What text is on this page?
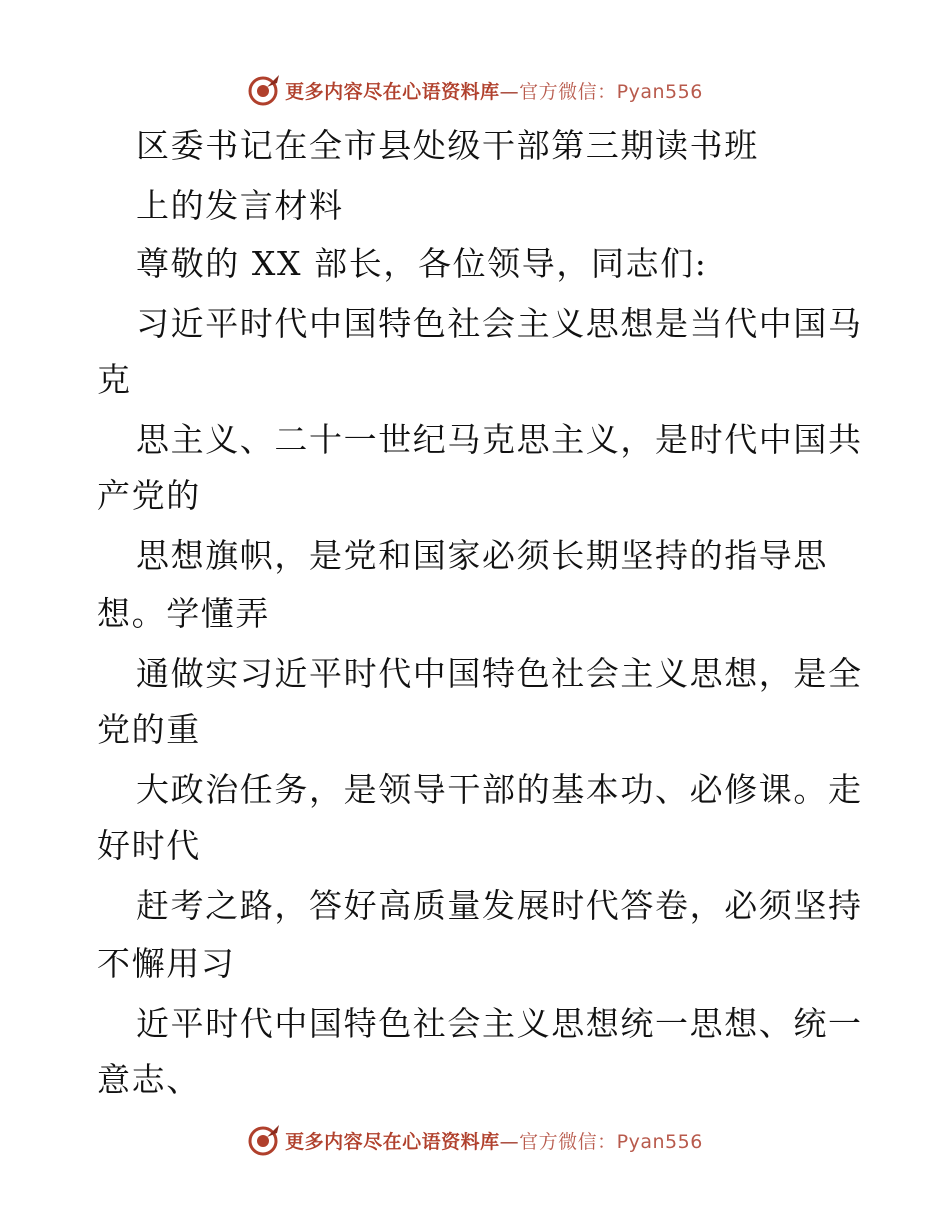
更多内容尽在心语资料库—官方微信：Pyan556
区委书记在全市县处级干部第三期读书班
上的发言材料
尊敬的 XX 部长，各位领导，同志们:
习近平时代中国特色社会主义思想是当代中国马
克
思主义、二十一世纪马克思主义，是时代中国共
产党的
思想旗帜，是党和国家必须长期坚持的指导思
想。学懂弄
通做实习近平时代中国特色社会主义思想，是全
党的重
大政治任务，是领导干部的基本功、必修课。走
好时代
赶考之路，答好高质量发展时代答卷，必须坚持
不懈用习
近平时代中国特色社会主义思想统一思想、统一
意志、
更多内容尽在心语资料库—官方微信：Pyan556
